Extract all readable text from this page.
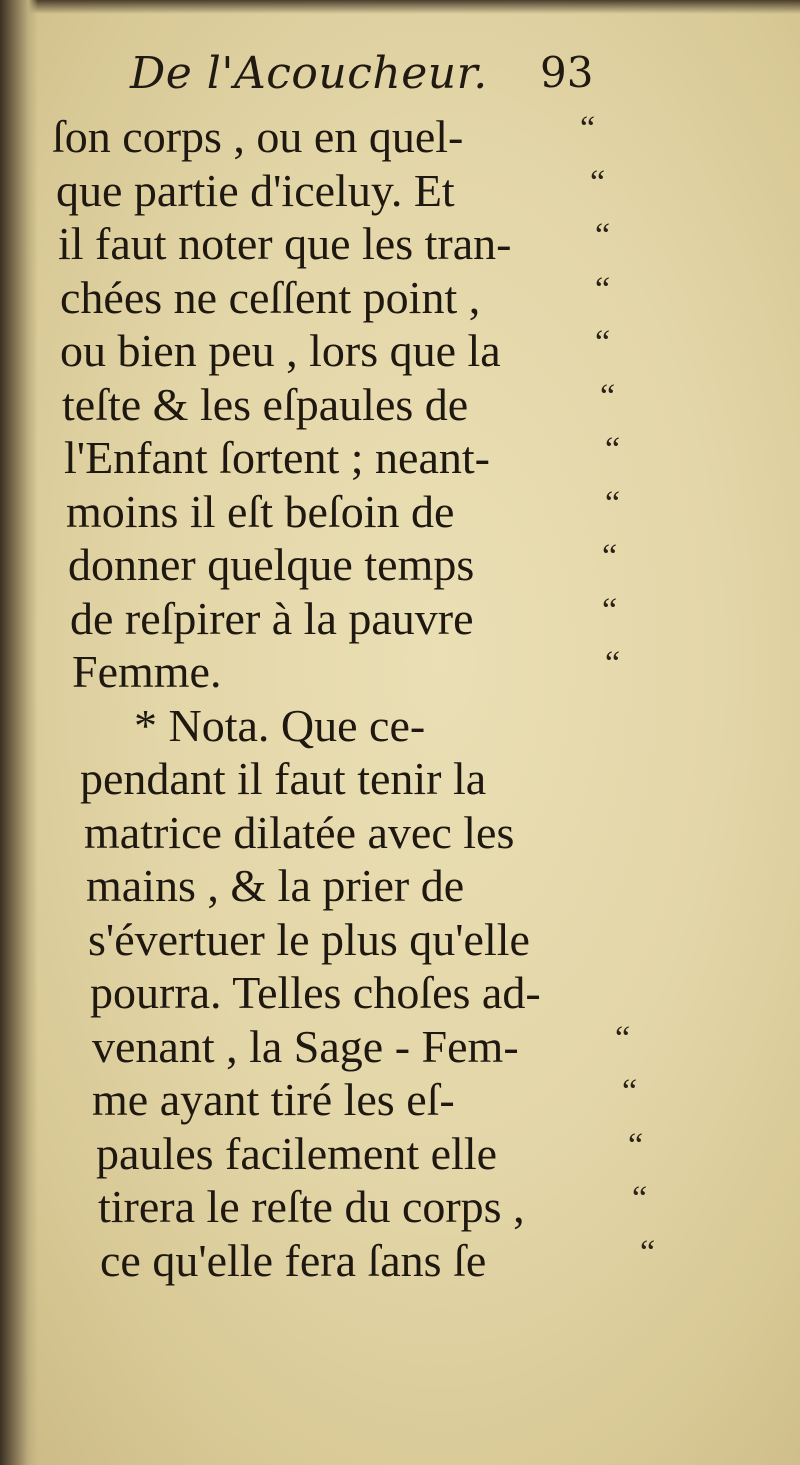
De l'Acoucheur. 93
ſon corps , ou en quel-	“
que partie d'iceluy. Et	“
il faut noter que les tran- “
chées ne ceſſent point ,	“
ou bien peu , lors que la	“
teſte & les eſpaules de	“
l'Enfant ſortent ; neant-	“
moins il eſt beſoin de	“
donner quelque temps	“
de reſpirer à la pauvre	“
Femme.	“
* Nota. Que ce-
pendant il faut tenir la
matrice dilatée avec les
mains , & la prier de
s'évertuer le plus qu'elle
pourra. Telles choſes ad-
venant , la Sage - Fem-	“
me ayant tiré les eſ-	“
paules facilement elle	“
tirera le reſte du corps ,	“
ce qu'elle fera ſans ſe	“
